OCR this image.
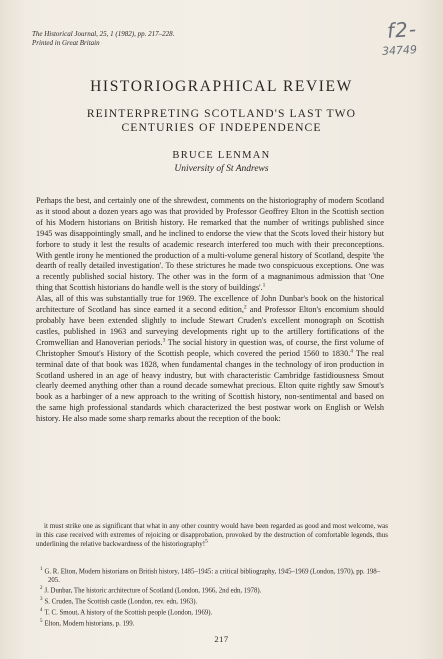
The Historical Journal, 25, 1 (1982), pp. 217–228.
Printed in Great Britain
f2-
34749
HISTORIOGRAPHICAL REVIEW
REINTERPRETING SCOTLAND'S LAST TWO
CENTURIES OF INDEPENDENCE
BRUCE LENMAN
University of St Andrews

Perhaps the best, and certainly one of the shrewdest, comments on the historiography of modern Scotland as it stood about a dozen years ago was that provided by Professor Geoffrey Elton in the Scottish section of his Modern historians on British history. He remarked that the number of writings published since 1945 was disappointingly small, and he inclined to endorse the view that the Scots loved their history but forbore to study it lest the results of academic research interfered too much with their preconceptions. With gentle irony he mentioned the production of a multi-volume general history of Scotland, despite 'the dearth of really detailed investigation'. To these strictures he made two conspicuous exceptions. One was a recently published social history. The other was in the form of a magnanimous admission that 'One thing that Scottish historians do handle well is the story of buildings'.$^1$

Alas, all of this was substantially true for 1969. The excellence of John Dunbar's book on the historical architecture of Scotland has since earned it a second edition,$^2$ and Professor Elton's encomium should probably have been extended slightly to include Stewart Cruden's excellent monograph on Scottish castles, published in 1963 and surveying developments right up to the artillery fortifications of the Cromwellian and Hanoverian periods.$^3$ The social history in question was, of course, the first volume of Christopher Smout's History of the Scottish people, which covered the period 1560 to 1830.$^4$ The real terminal date of that book was 1828, when fundamental changes in the technology of iron production in Scotland ushered in an age of heavy industry, but with characteristic Cambridge fastidiousness Smout clearly deemed anything other than a round decade somewhat precious. Elton quite rightly saw Smout's book as a harbinger of a new approach to the writing of Scottish history, non-sentimental and based on the same high professional standards which characterized the best postwar work on English or Welsh history. He also made some sharp remarks about the reception of the book:

it must strike one as significant that what in any other country would have been regarded as good and most welcome, was in this case received with extremes of rejoicing or disapprobation, provoked by the destruction of comfortable legends, thus underlining the relative backwardness of the historiography!$^5$

$^1$ G. R. Elton, Modern historians on British history, 1485–1945: a critical bibliography, 1945–1969 (London, 1970), pp. 198–205.
$^2$ J. Dunbar, The historic architecture of Scotland (London, 1966, 2nd edn, 1978).
$^3$ S. Cruden, The Scottish castle (London, rev. edn, 1963).
$^4$ T. C. Smout, A history of the Scottish people (London, 1969).
$^5$ Elton, Modern historians, p. 199.
217
